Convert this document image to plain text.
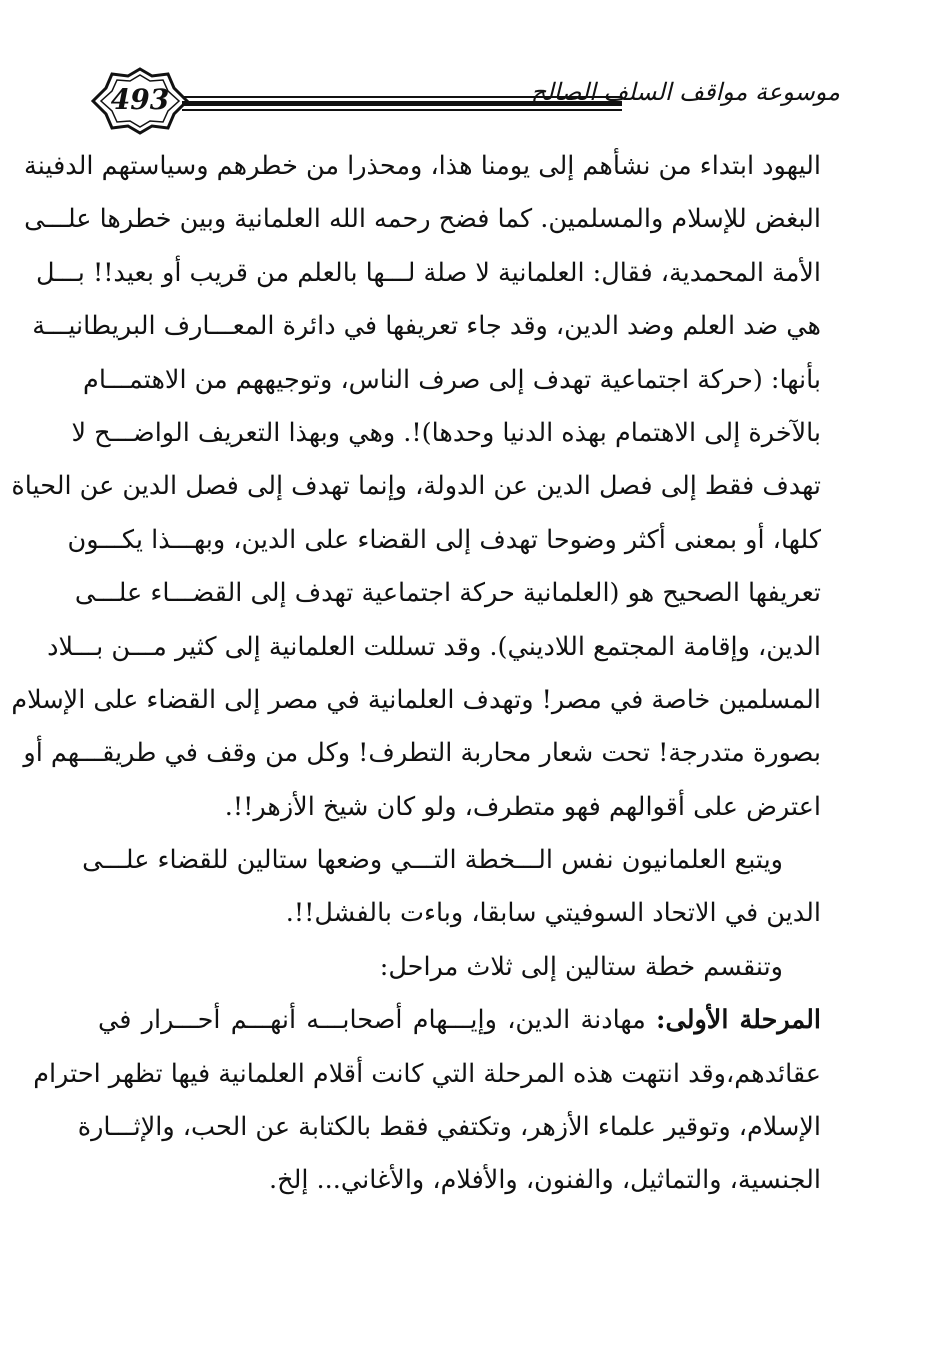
493	موسوعة مواقف السلف الصالح
اليهود ابتداء من نشأهم إلى يومنا هذا، ومحذرا من خطرهم وسياستهم الدفينة
البغض للإسلام والمسلمين. كما فضح رحمه الله العلمانية وبين خطرها علـــى
الأمة المحمدية، فقال: العلمانية لا صلة لـــها بالعلم من قريب أو بعيد!! بـــل
هي ضد العلم وضد الدين، وقد جاء تعريفها في دائرة المعـــارف البريطانيـــة
بأنها: (حركة اجتماعية تهدف إلى صرف الناس، وتوجيههم من الاهتمـــام
بالآخرة إلى الاهتمام بهذه الدنيا وحدها)!. وهي وبهذا التعريف الواضـــح لا
تهدف فقط إلى فصل الدين عن الدولة، وإنما تهدف إلى فصل الدين عن الحياة
كلها، أو بمعنى أكثر وضوحا تهدف إلى القضاء على الدين، وبهـــذا يكـــون
تعريفها الصحيح هو (العلمانية حركة اجتماعية تهدف إلى القضـــاء علـــى
الدين، وإقامة المجتمع اللاديني). وقد تسللت العلمانية إلى كثير مـــن بـــلاد
المسلمين خاصة في مصر! وتهدف العلمانية في مصر إلى القضاء على الإسلام
بصورة متدرجة! تحت شعار محاربة التطرف! وكل من وقف في طريقـــهم أو
اعترض على أقوالهم فهو متطرف، ولو كان شيخ الأزهر!!.
ويتبع العلمانيون نفس الـــخطة التـــي وضعها ستالين للقضاء علـــى
الدين في الاتحاد السوفيتي سابقا، وباءت بالفشل!!.
وتنقسم خطة ستالين إلى ثلاث مراحل:
المرحلة الأولى: مهادنة الدين، وإيـــهام أصحابـــه أنهـــم أحـــرار في
عقائدهم،وقد انتهت هذه المرحلة التي كانت أقلام العلمانية فيها تظهر احترام
الإسلام، وتوقير علماء الأزهر، وتكتفي فقط بالكتابة عن الحب، والإثـــارة
الجنسية، والتماثيل، والفنون، والأفلام، والأغاني... إلخ.
